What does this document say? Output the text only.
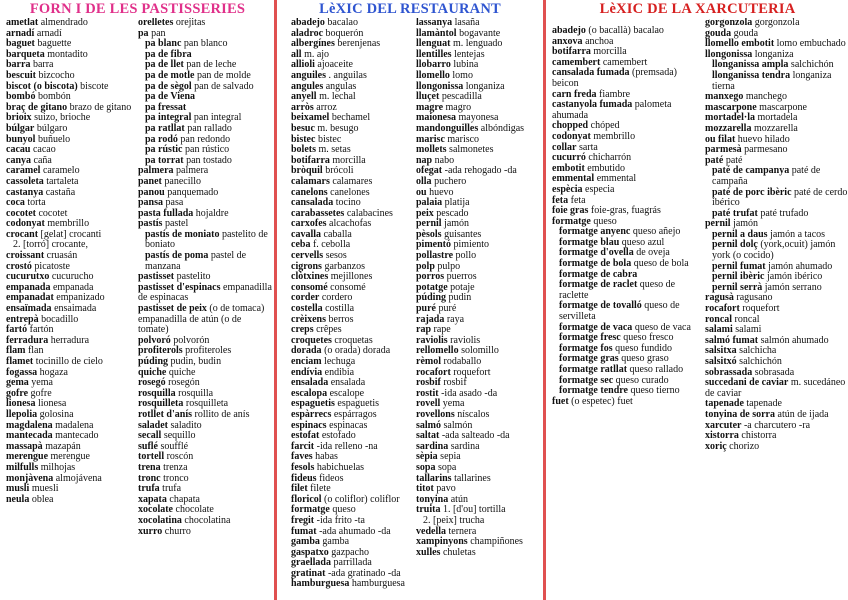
FORN I DE LES PASTISSERIES
ametlat almendrado
arnadí arnadí
baguet baguette
barqueta montadito
barra barra
bescuit bizcocho
biscot (o biscota) biscote
bombó bombón
braç de gitano brazo de gitano
brioix suizo, brioche
búlgar búlgaro
bunyol buñuelo
cacau cacao
canya caña
caramel caramelo
cassoleta tartaleta
castanya castaña
coca torta
cocotet cocotet
codonyat membrillo
crocant [gelat] crocanti
2. [torró] crocante,
croissant cruasán
crostó picatoste
cucurutxo cucurucho
empanada empanada
empanadat empanizado
ensaïmada ensaimada
entrepà bocadillo
fartó fartón
ferradura herradura
flam flan
flamet tocinillo de cielo
fogassa hogaza
gema yema
gofre gofre
lionesa lionesa
llepolia golosina
magdalena madalena
mantecada mantecado
massapà mazapán
merengue merengue
milfulls milhojas
monjàvena almojávena
musli muesli
neula oblea
orelletes orejitas
pa pan
pa blanc pan blanco
pa de fibra
pa de llet pan de leche
pa de motle pan de molde
pa de sègol pan de salvado
pa de Viena
pa fressat
pa integral pan integral
pa ratllat pan rallado
pa rodó pan redondo
pa rústic pan rústico
pa torrat pan tostado
palmera palmera
panet panecillo
panou panquemado
pansa pasa
pasta fullada hojaldre
pastís pastel
pastís de moniato pastelito de boniato
pastís de poma pastel de manzana
pastisset pastelito
pastisset d'espinacs empanadilla de espinacas
pastisset de peix (o de tomaca) empanadilla de atún (o de tomate)
polvoró polvorón
profiterols profiteroles
púding pudin, budin
quiche quiche
rosegó rosegón
rosquilla rosquilla
rosquilleta rosquilleta
rotllet d'anís rollito de anís
saladet saladito
secall sequillo
suflé soufflé
tortell roscón
trena trenza
tronc tronco
trufa trufa
xapata chapata
xocolate chocolate
xocolatina chocolatina
xurro churro
LèXIC DEL RESTAURANT
abadejo bacalao
aladroc boquerón
albergínes berenjenas
all m. ajo
allioli ajoaceite
anguiles . anguilas
angules angulas
anyell m. lechal
arròs arroz
beixamel bechamel
besuc m. besugo
bistec bistec
bolets m. setas
botifarra morcilla
bròquil brócoli
calamars calamares
canelons canelones
cansalada tocino
carabassetes calabacines
carxofes alcachofas
cavalla caballa
ceba f. cebolla
cervells sesos
cigrons garbanzos
clòtxines mejillones
consomé consomé
corder cordero
costella costilla
crèixens berros
creps crêpes
croquetes croquetas
dorada (o orada) dorada
enciam lechuga
endívia endibia
ensalada ensalada
escalopa escalope
espaguetis espaguetis
espàrrecs espárragos
espinacs espinacas
estofat estofado
farcit -ida relleno -na
faves habas
fesols habichuelas
fideus fideos
filet filete
floricol (o coliflor) coliflor
formatge queso
fregit -ida frito -ta
fumat -ada ahumado -da
gamba gamba
gaspatxo gazpacho
graellada parrillada
gratinat -ada gratinado -da
hamburguesa hamburguesa
lassanya lasaña
llamàntol bogavante
llenguat m. lenguado
llentilles lentejas
llobarro lubina
llomello lomo
llongonissa longaniza
lluçet pescadilla
magre magro
maionesa mayonesa
mandonguilles albóndigas
marisc marisco
mollets salmonetes
nap nabo
ofegat -ada rehogado -da
olla puchero
ou huevo
palaia platija
peix pescado
pernil jamón
pèsols guisantes
pimentó pimiento
pollastre pollo
polp pulpo
porros puerros
potatge potaje
púding pudin
puré puré
rajada raya
rap rape
raviolis raviolis
rellomello solomillo
rèmol rodaballo
rocafort roquefort
rosbif rosbif
rostit -ida asado -da
rovell yema
rovellons níscalos
salmó salmón
saltat -ada salteado -da
sardina sardina
sèpia sepia
sopa sopa
tallarins tallarines
titot pavo
tonyina atún
truita 1. [d'ou] tortilla
2. [peix] trucha
vedella ternera
xampinyons champiñones
xulles chuletas
LèXIC DE LA XARCUTERIA
abadejo (o bacallà) bacalao
anxova anchoa
botifarra morcilla
camembert camembert
cansalada fumada (premsada) beicon
carn freda fiambre
castanyola fumada palometa ahumada
chopped chóped
codonyat membrillo
collar sarta
cucurró chicharrón
embotit embutido
emmental emmental
espècia especia
feta feta
foie gras foie-gras, fuagrás
formatge queso
formatge anyenc queso añejo
formatge blau queso azul
formatge d'ovella de oveja
formatge de bola queso de bola
formatge de cabra
formatge de raclet queso de raclette
formatge de tovalló queso de servilleta
formatge de vaca queso de vaca
formatge fresc queso fresco
formatge fos queso fundido
formatge gras queso graso
formatge ratllat queso rallado
formatge sec queso curado
formatge tendre queso tierno
fuet (o espetec) fuet
gorgonzola gorgonzola
gouda gouda
llomello embotit lomo embuchado
llongonissa longaniza
llonganissa ampla salchichón
llonganissa tendra longaniza tierna
manxego manchego
mascarpone mascarpone
mortadel·la mortadela
mozzarella mozzarella
ou filat huevo hilado
parmesà parmesano
paté paté
paté de campanya paté de campaña
paté de porc ibèric paté de cerdo ibérico
paté trufat paté trufado
pernil jamón
pernil a daus jamón a tacos
pernil dolç (york,ocuit) jamón york (o cocido)
pernil fumat jamón ahumado
pernil ibèric jamón ibérico
pernil serrà jamón serrano
ragusà ragusano
rocafort roquefort
roncal roncal
salami salami
salmó fumat salmón ahumado
salsitxa salchicha
salsitxó salchichón
sobrassada sobrasada
succedani de caviar m. sucedáneo de caviar
tapenade tapenade
tonyina de sorra atún de ijada
xarcuter -a charcutero -ra
xistorra chistorra
xoriç chorizo
